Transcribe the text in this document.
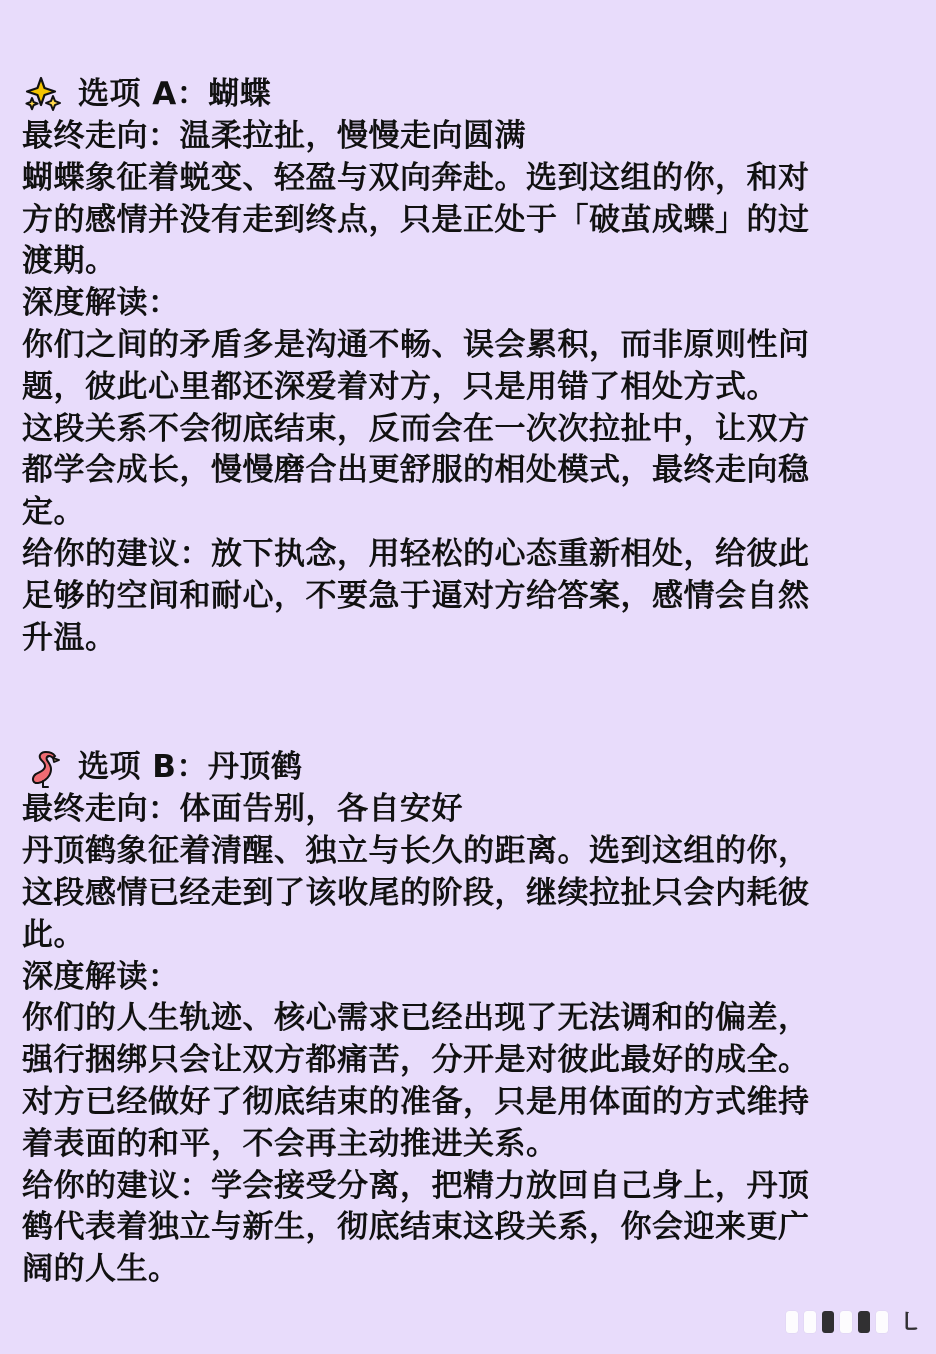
选项 A：蝴蝶
最终走向：温柔拉扯，慢慢走向圆满
蝴蝶象征着蜕变、轻盈与双向奔赴。选到这组的你，和对
方的感情并没有走到终点，只是正处于「破茧成蝶」的过
渡期。
深度解读：
你们之间的矛盾多是沟通不畅、误会累积，而非原则性问
题，彼此心里都还深爱着对方，只是用错了相处方式。
这段关系不会彻底结束，反而会在一次次拉扯中，让双方
都学会成长，慢慢磨合出更舒服的相处模式，最终走向稳
定。
给你的建议：放下执念，用轻松的心态重新相处，给彼此
足够的空间和耐心，不要急于逼对方给答案，感情会自然
升温。
选项 B：丹顶鹤
最终走向：体面告别，各自安好
丹顶鹤象征着清醒、独立与长久的距离。选到这组的你，
这段感情已经走到了该收尾的阶段，继续拉扯只会内耗彼
此。
深度解读：
你们的人生轨迹、核心需求已经出现了无法调和的偏差，
强行捆绑只会让双方都痛苦，分开是对彼此最好的成全。
对方已经做好了彻底结束的准备，只是用体面的方式维持
着表面的和平，不会再主动推进关系。
给你的建议：学会接受分离，把精力放回自己身上，丹顶
鹤代表着独立与新生，彻底结束这段关系，你会迎来更广
阔的人生。
㇄
